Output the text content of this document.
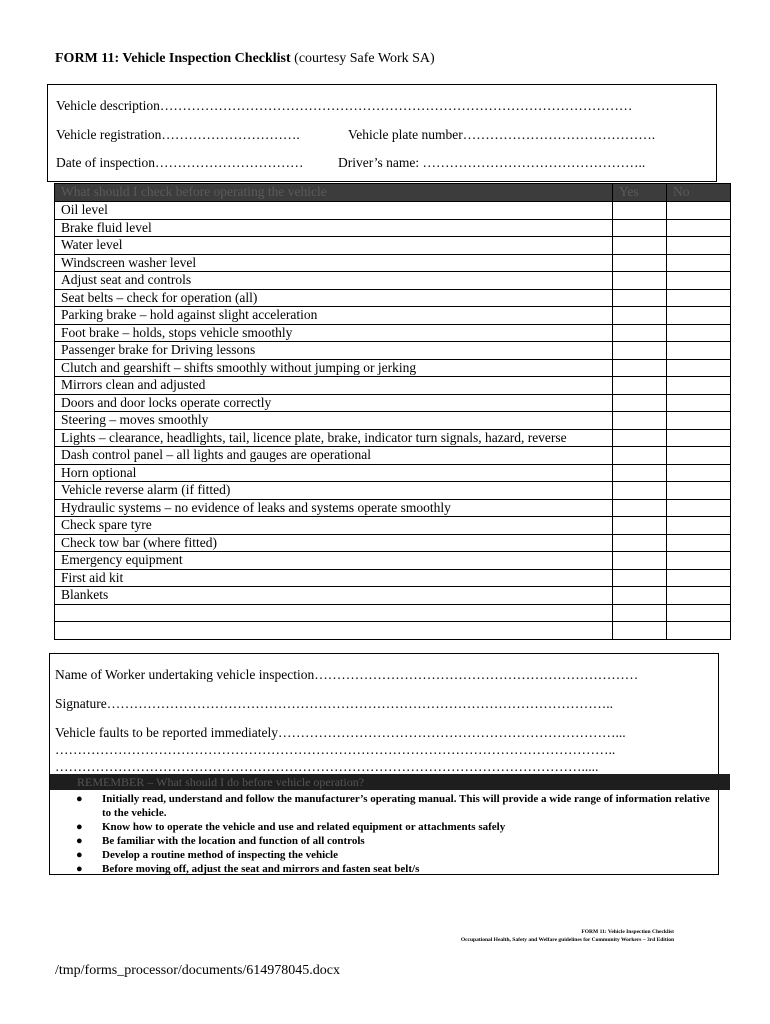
FORM 11: Vehicle Inspection Checklist (courtesy Safe Work SA)
Vehicle description……………………………………………………………………………………………
Vehicle registration………………………….	Vehicle plate number…………………………………….
Date of inspection……………………………	Driver’s name: …………………………………………..
What should I check before operating the vehicle	Yes	No
Oil level		
Brake fluid level		
Water level		
Windscreen washer level		
Adjust seat and controls		
Seat belts – check for operation (all)		
Parking brake – hold against slight acceleration		
Foot brake – holds, stops vehicle smoothly		
Passenger brake for Driving lessons		
Clutch and gearshift – shifts smoothly without jumping or jerking		
Mirrors clean and adjusted		
Doors and door locks operate correctly		
Steering – moves smoothly		
Lights – clearance, headlights, tail, licence plate, brake, indicator turn signals, hazard, reverse		
Dash control panel – all lights and gauges are operational		
Horn optional		
Vehicle reverse alarm (if fitted)		
Hydraulic systems – no evidence of leaks and systems operate smoothly		
Check spare tyre		
Check tow bar (where fitted)		
Emergency equipment		
First aid kit		
Blankets		

Name of Worker undertaking vehicle inspection………………………………………………………………
Signature…………………………………………………………………………………………………..
Vehicle faults to be reported immediately…………………………………………………………………...
……………………………………………………………………………………………………………..
……………………………………………………………………………………………………….....
REMEMBER – What should I do before vehicle operation?
● Initially read, understand and follow the manufacturer’s operating manual. This will provide a wide range of information relative to the vehicle.
● Know how to operate the vehicle and use and related equipment or attachments safely
● Be familiar with the location and function of all controls
● Develop a routine method of inspecting the vehicle
● Before moving off, adjust the seat and mirrors and fasten seat belt/s
FORM 11: Vehicle Inspection Checklist
Occupational Health, Safety and Welfare guidelines for Community Workers – 3rd Edition
/tmp/forms_processor/documents/614978045.docx
